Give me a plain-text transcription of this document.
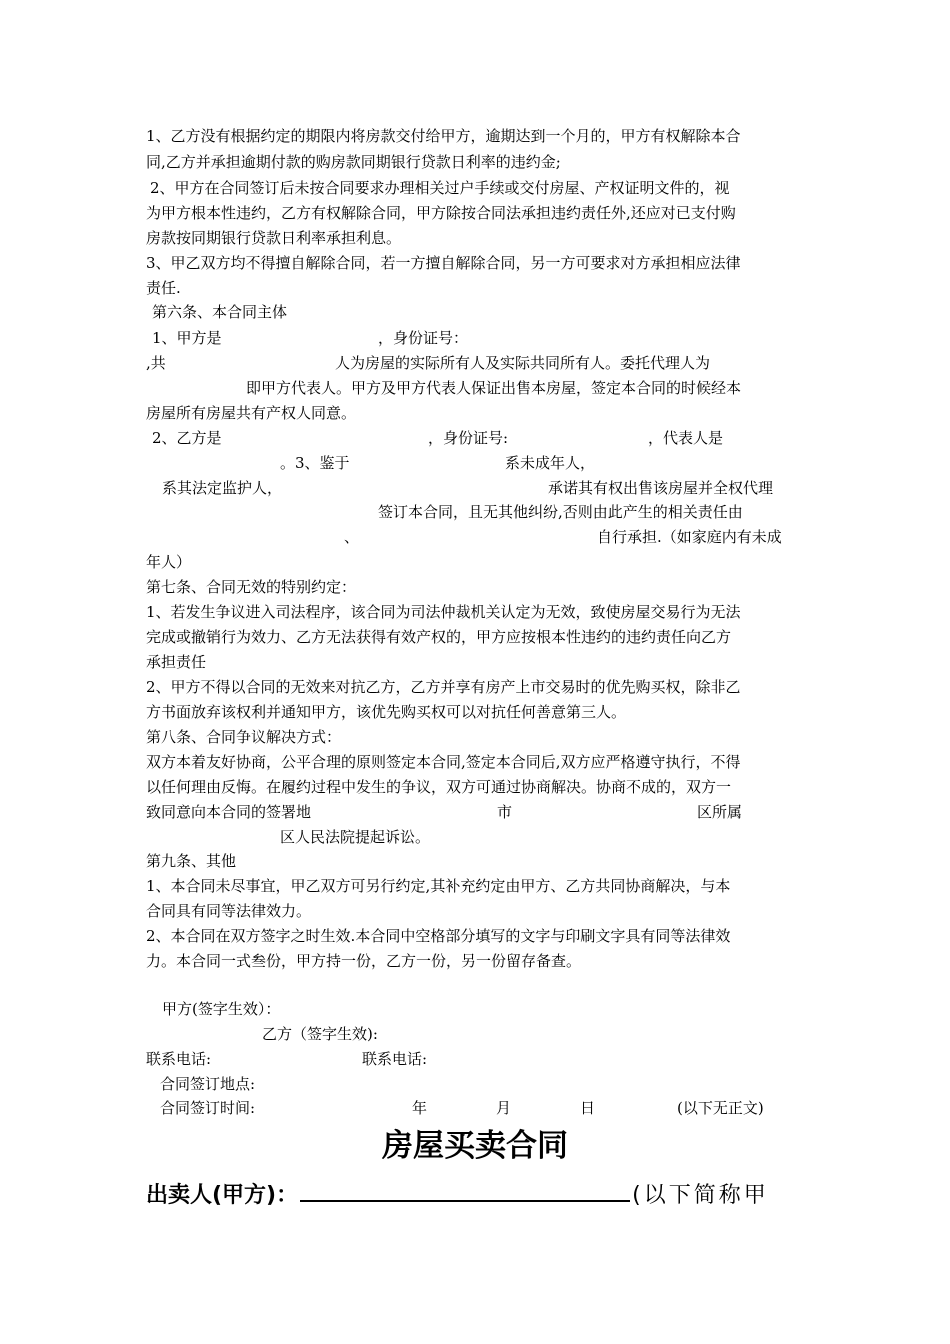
1、乙方没有根据约定的期限内将房款交付给甲方，逾期达到一个月的，甲方有权解除本合
同,乙方并承担逾期付款的购房款同期银行贷款日利率的违约金;
2、甲方在合同签订后未按合同要求办理相关过户手续或交付房屋、产权证明文件的，视
为甲方根本性违约，乙方有权解除合同，甲方除按合同法承担违约责任外,还应对已支付购
房款按同期银行贷款日利率承担利息。
3、甲乙双方均不得擅自解除合同，若一方擅自解除合同，另一方可要求对方承担相应法律
责任.
第六条、本合同主体
1、甲方是	，身份证号：
,共	人为房屋的实际所有人及实际共同所有人。委托代理人为
即甲方代表人。甲方及甲方代表人保证出售本房屋，签定本合同的时候经本
房屋所有房屋共有产权人同意。
2、乙方是	，身份证号:	，代表人是
。3、鉴于	系未成年人，
系其法定监护人，	承诺其有权出售该房屋并全权代理
签订本合同，且无其他纠纷,否则由此产生的相关责任由
、	自行承担.（如家庭内有未成
年人）
第七条、合同无效的特别约定：
1、若发生争议进入司法程序，该合同为司法仲裁机关认定为无效，致使房屋交易行为无法
完成或撤销行为效力、乙方无法获得有效产权的，甲方应按根本性违约的违约责任向乙方
承担责任
2、甲方不得以合同的无效来对抗乙方，乙方并享有房产上市交易时的优先购买权，除非乙
方书面放弃该权利并通知甲方，该优先购买权可以对抗任何善意第三人。
第八条、合同争议解决方式：
双方本着友好协商，公平合理的原则签定本合同,签定本合同后,双方应严格遵守执行，不得
以任何理由反悔。在履约过程中发生的争议，双方可通过协商解决。协商不成的，双方一
致同意向本合同的签署地	市	区所属
区人民法院提起诉讼。
第九条、其他
1、本合同未尽事宜，甲乙双方可另行约定,其补充约定由甲方、乙方共同协商解决，与本
合同具有同等法律效力。
2、本合同在双方签字之时生效.本合同中空格部分填写的文字与印刷文字具有同等法律效
力。本合同一式叁份，甲方持一份，乙方一份，另一份留存备查。
甲方(签字生效）：
乙方（签字生效):
联系电话:	联系电话:
合同签订地点:
合同签订时间:	年	月	日	(以下无正文)
房屋买卖合同
出卖人(甲方)：	(以下简称甲
